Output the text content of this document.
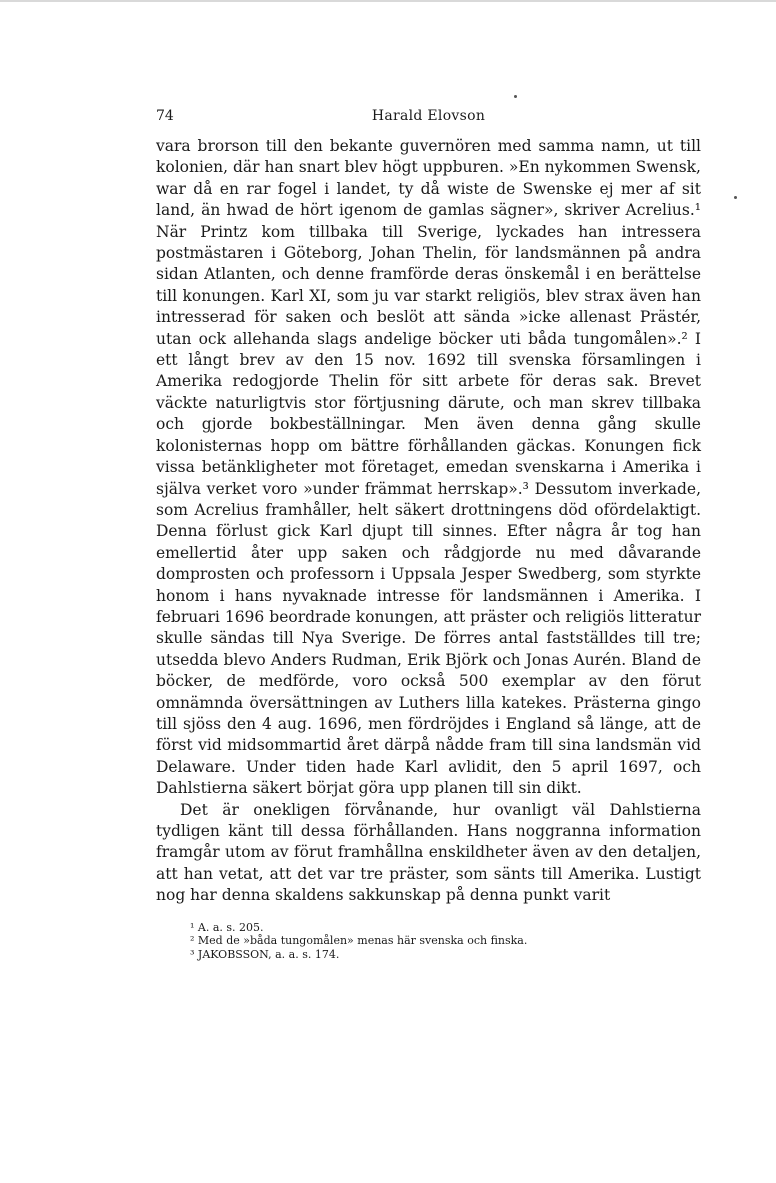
74	Harald Elovson

vara brorson till den bekante guvernören med samma namn, ut till kolonien, där han snart blev högt uppburen. »En nykommen Swensk, war då en rar fogel i landet, ty då wiste de Swenske ej mer af sit land, än hwad de hört igenom de gamlas sägner», skriver Acrelius.¹ När Printz kom tillbaka till Sverige, lyckades han intressera postmästaren i Göteborg, Johan Thelin, för landsmännen på andra sidan Atlanten, och denne framförde deras önskemål i en berättelse till konungen. Karl XI, som ju var starkt religiös, blev strax även han intresserad för saken och beslöt att sända »icke allenast Prästér, utan ock allehanda slags andelige böcker uti båda tungomålen».² I ett långt brev av den 15 nov. 1692 till svenska församlingen i Amerika redogjorde Thelin för sitt arbete för deras sak. Brevet väckte naturligtvis stor förtjusning därute, och man skrev tillbaka och gjorde bokbeställningar. Men även denna gång skulle kolonisternas hopp om bättre förhållanden gäckas. Konungen fick vissa betänkligheter mot företaget, emedan svenskarna i Amerika i själva verket voro »under främmat herrskap».³ Dessutom inverkade, som Acrelius framhåller, helt säkert drottningens död ofördelaktigt. Denna förlust gick Karl djupt till sinnes. Efter några år tog han emellertid åter upp saken och rådgjorde nu med dåvarande domprosten och professorn i Uppsala Jesper Swedberg, som styrkte honom i hans nyvaknade intresse för landsmännen i Amerika. I februari 1696 beordrade konungen, att präster och religiös litteratur skulle sändas till Nya Sverige. De förres antal fastställdes till tre; utsedda blevo Anders Rudman, Erik Björk och Jonas Aurén. Bland de böcker, de medförde, voro också 500 exemplar av den förut omnämnda översättningen av Luthers lilla katekes. Prästerna gingo till sjöss den 4 aug. 1696, men fördröjdes i England så länge, att de först vid midsommartid året därpå nådde fram till sina landsmän vid Delaware. Under tiden hade Karl avlidit, den 5 april 1697, och Dahlstierna säkert börjat göra upp planen till sin dikt.

Det är onekligen förvånande, hur ovanligt väl Dahlstierna tydligen känt till dessa förhållanden. Hans noggranna information framgår utom av förut framhållna enskildheter även av den detaljen, att han vetat, att det var tre präster, som sänts till Amerika. Lustigt nog har denna skaldens sakkunskap på denna punkt varit

¹ A. a. s. 205.
² Med de »båda tungomålen» menas här svenska och finska.
³ JAKOBSSON, a. a. s. 174.
